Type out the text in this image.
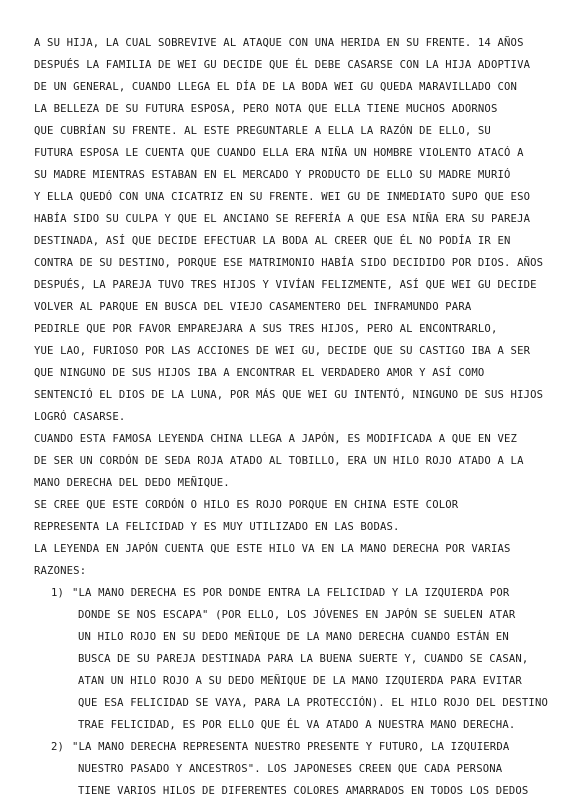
A SU HIJA, LA CUAL SOBREVIVE AL ATAQUE CON UNA HERIDA EN SU FRENTE. 14 AÑOS
DESPUÉS LA FAMILIA DE WEI GU DECIDE QUE ÉL DEBE CASARSE CON LA HIJA ADOPTIVA
DE UN GENERAL, CUANDO LLEGA EL DÍA DE LA BODA WEI GU QUEDA MARAVILLADO CON
LA BELLEZA DE SU FUTURA ESPOSA, PERO NOTA QUE ELLA TIENE MUCHOS ADORNOS
QUE CUBRÍAN SU FRENTE. AL ESTE PREGUNTARLE A ELLA LA RAZÓN DE ELLO, SU
FUTURA ESPOSA LE CUENTA QUE CUANDO ELLA ERA NIÑA UN HOMBRE VIOLENTO ATACÓ A
SU MADRE MIENTRAS ESTABAN EN EL MERCADO Y PRODUCTO DE ELLO SU MADRE MURIÓ
Y ELLA QUEDÓ CON UNA CICATRIZ EN SU FRENTE. WEI GU DE INMEDIATO SUPO QUE ESO
HABÍA SIDO SU CULPA Y QUE EL ANCIANO SE REFERÍA A QUE ESA NIÑA ERA SU PAREJA
DESTINADA, ASÍ QUE DECIDE EFECTUAR LA BODA AL CREER QUE ÉL NO PODÍA IR EN
CONTRA DE SU DESTINO, PORQUE ESE MATRIMONIO HABÍA SIDO DECIDIDO POR DIOS. AÑOS
DESPUÉS, LA PAREJA TUVO TRES HIJOS Y VIVÍAN FELIZMENTE, ASÍ QUE WEI GU DECIDE
VOLVER AL PARQUE EN BUSCA DEL VIEJO CASAMENTERO DEL INFRAMUNDO PARA
PEDIRLE QUE POR FAVOR EMPAREJARA A SUS TRES HIJOS, PERO AL ENCONTRARLO,
YUE LAO, FURIOSO POR LAS ACCIONES DE WEI GU, DECIDE QUE SU CASTIGO IBA A SER
QUE NINGUNO DE SUS HIJOS IBA A ENCONTRAR EL VERDADERO AMOR Y ASÍ COMO
SENTENCIÓ EL DIOS DE LA LUNA, POR MÁS QUE WEI GU INTENTÓ, NINGUNO DE SUS HIJOS
LOGRÓ CASARSE.
CUANDO ESTA FAMOSA LEYENDA CHINA LLEGA A JAPÓN, ES MODIFICADA A QUE EN VEZ
DE SER UN CORDÓN DE SEDA ROJA ATADO AL TOBILLO, ERA UN HILO ROJO ATADO A LA
MANO DERECHA DEL DEDO MEÑIQUE.
SE CREE QUE ESTE CORDÓN O HILO ES ROJO PORQUE EN CHINA ESTE COLOR
REPRESENTA LA FELICIDAD Y ES MUY UTILIZADO EN LAS BODAS.
LA LEYENDA EN JAPÓN CUENTA QUE ESTE HILO VA EN LA MANO DERECHA POR VARIAS
RAZONES:
1) "LA MANO DERECHA ES POR DONDE ENTRA LA FELICIDAD Y LA IZQUIERDA POR
DONDE SE NOS ESCAPA" (POR ELLO, LOS JÓVENES EN JAPÓN SE SUELEN ATAR
UN HILO ROJO EN SU DEDO MEÑIQUE DE LA MANO DERECHA CUANDO ESTÁN EN
BUSCA DE SU PAREJA DESTINADA PARA LA BUENA SUERTE Y, CUANDO SE CASAN,
ATAN UN HILO ROJO A SU DEDO MEÑIQUE DE LA MANO IZQUIERDA PARA EVITAR
QUE ESA FELICIDAD SE VAYA, PARA LA PROTECCIÓN). EL HILO ROJO DEL DESTINO
TRAE FELICIDAD, ES POR ELLO QUE ÉL VA ATADO A NUESTRA MANO DERECHA.
2) "LA MANO DERECHA REPRESENTA NUESTRO PRESENTE Y FUTURO, LA IZQUIERDA
NUESTRO PASADO Y ANCESTROS". LOS JAPONESES CREEN QUE CADA PERSONA
TIENE VARIOS HILOS DE DIFERENTES COLORES AMARRADOS EN TODOS LOS DEDOS
